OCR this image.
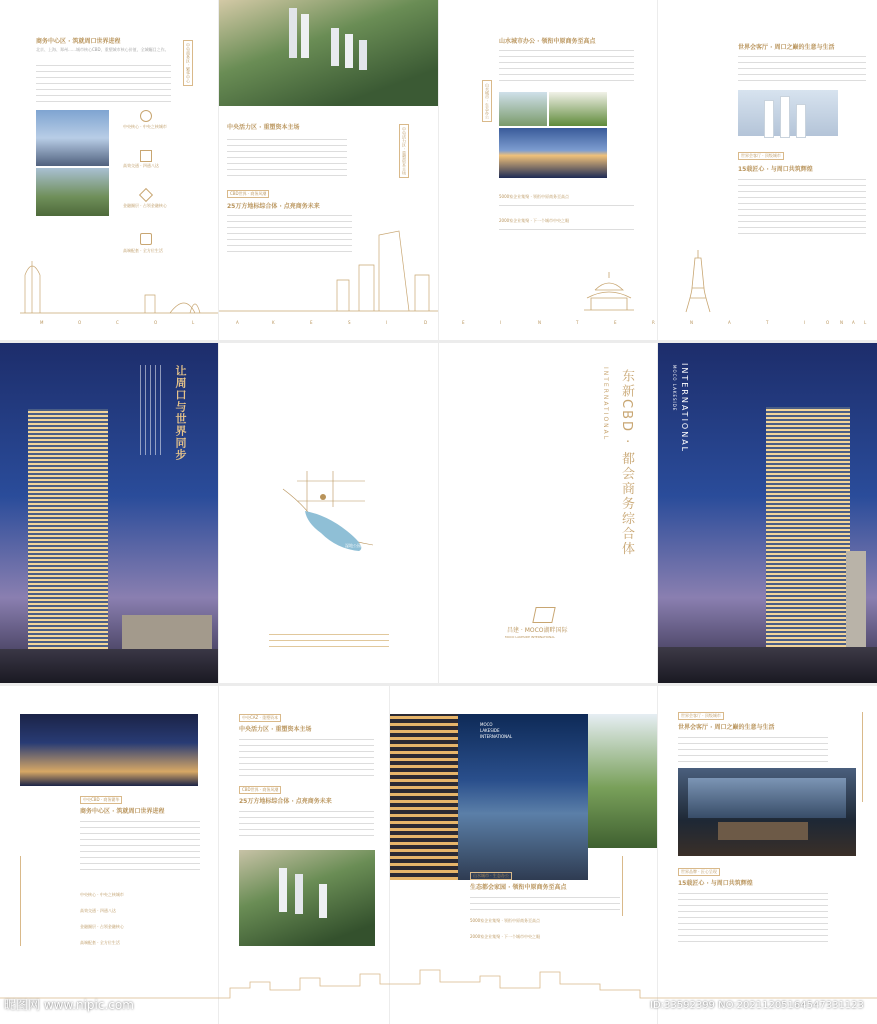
商务中心区 · 筑就周口世界进程
北京、上海、郑州……城市核心CBD，重塑城市核心价值，全城瞩目之作。	中央商务区 · 繁华中心
中央核心 · 中央之核城市
高效交通 · 四通八达
金融圈层 · 占领金融核心
高端配套 · 全方位生活
中央活力区 · 重塑资本主场	中央活力区 · 重塑资本主场
CBD世界 · 商务风潮
25万方地标综合体 · 点亮商务未来
山水城市办公 · 领衔中原商务至高点
山水城市 · 生态办公
5000家企业集聚 · 领衔中原商务至高点
2000家企业集聚 · 下一个城市中央之眼
世界会客厅 · 周口之巅的生意与生活
世界会客厅 · 顶级城市
15载匠心 · 与周口共筑辉煌
M	O	C	O	L	A	K	E	S	I	D	E	I	N	T	E	R	N	A	T	I	O	N A L
让周口与世界同步
湿地公园	东新CBD · 都会商务综合体
INTERNATIONAL
昌建 · MOCO湖畔国际
MOCO LAKESIDE INTERNATIONAL
MOCO LAKESIDE INTERNATIONAL
中央CBD · 商务繁华
商务中心区 · 筑就周口世界进程
中央核心 · 中央之核城市
高效交通 · 四通八达
金融圈层 · 占领金融核心
高端配套 · 全方位生活
中央CAZ · 重塑资本
中央活力区 · 重塑资本主场
CBD世界 · 商务风潮
25万方地标综合体 · 点亮商务未来
MOCO
LAKESIDE
INTERNATIONAL
山水城市 · 生态办公
生态都会家园 · 领衔中原商务至高点
5000家企业集聚 · 领衔中原商务至高点
2000家企业集聚 · 下一个城市中央之眼
世界会客厅 · 顶级城市
世界会客厅 · 周口之巅的生意与生活
世界品牌 · 匠心呈现
15载匠心 · 与周口共筑辉煌
昵图网 www.nipic.com	ID:33592399 NO:20211205164547331123
